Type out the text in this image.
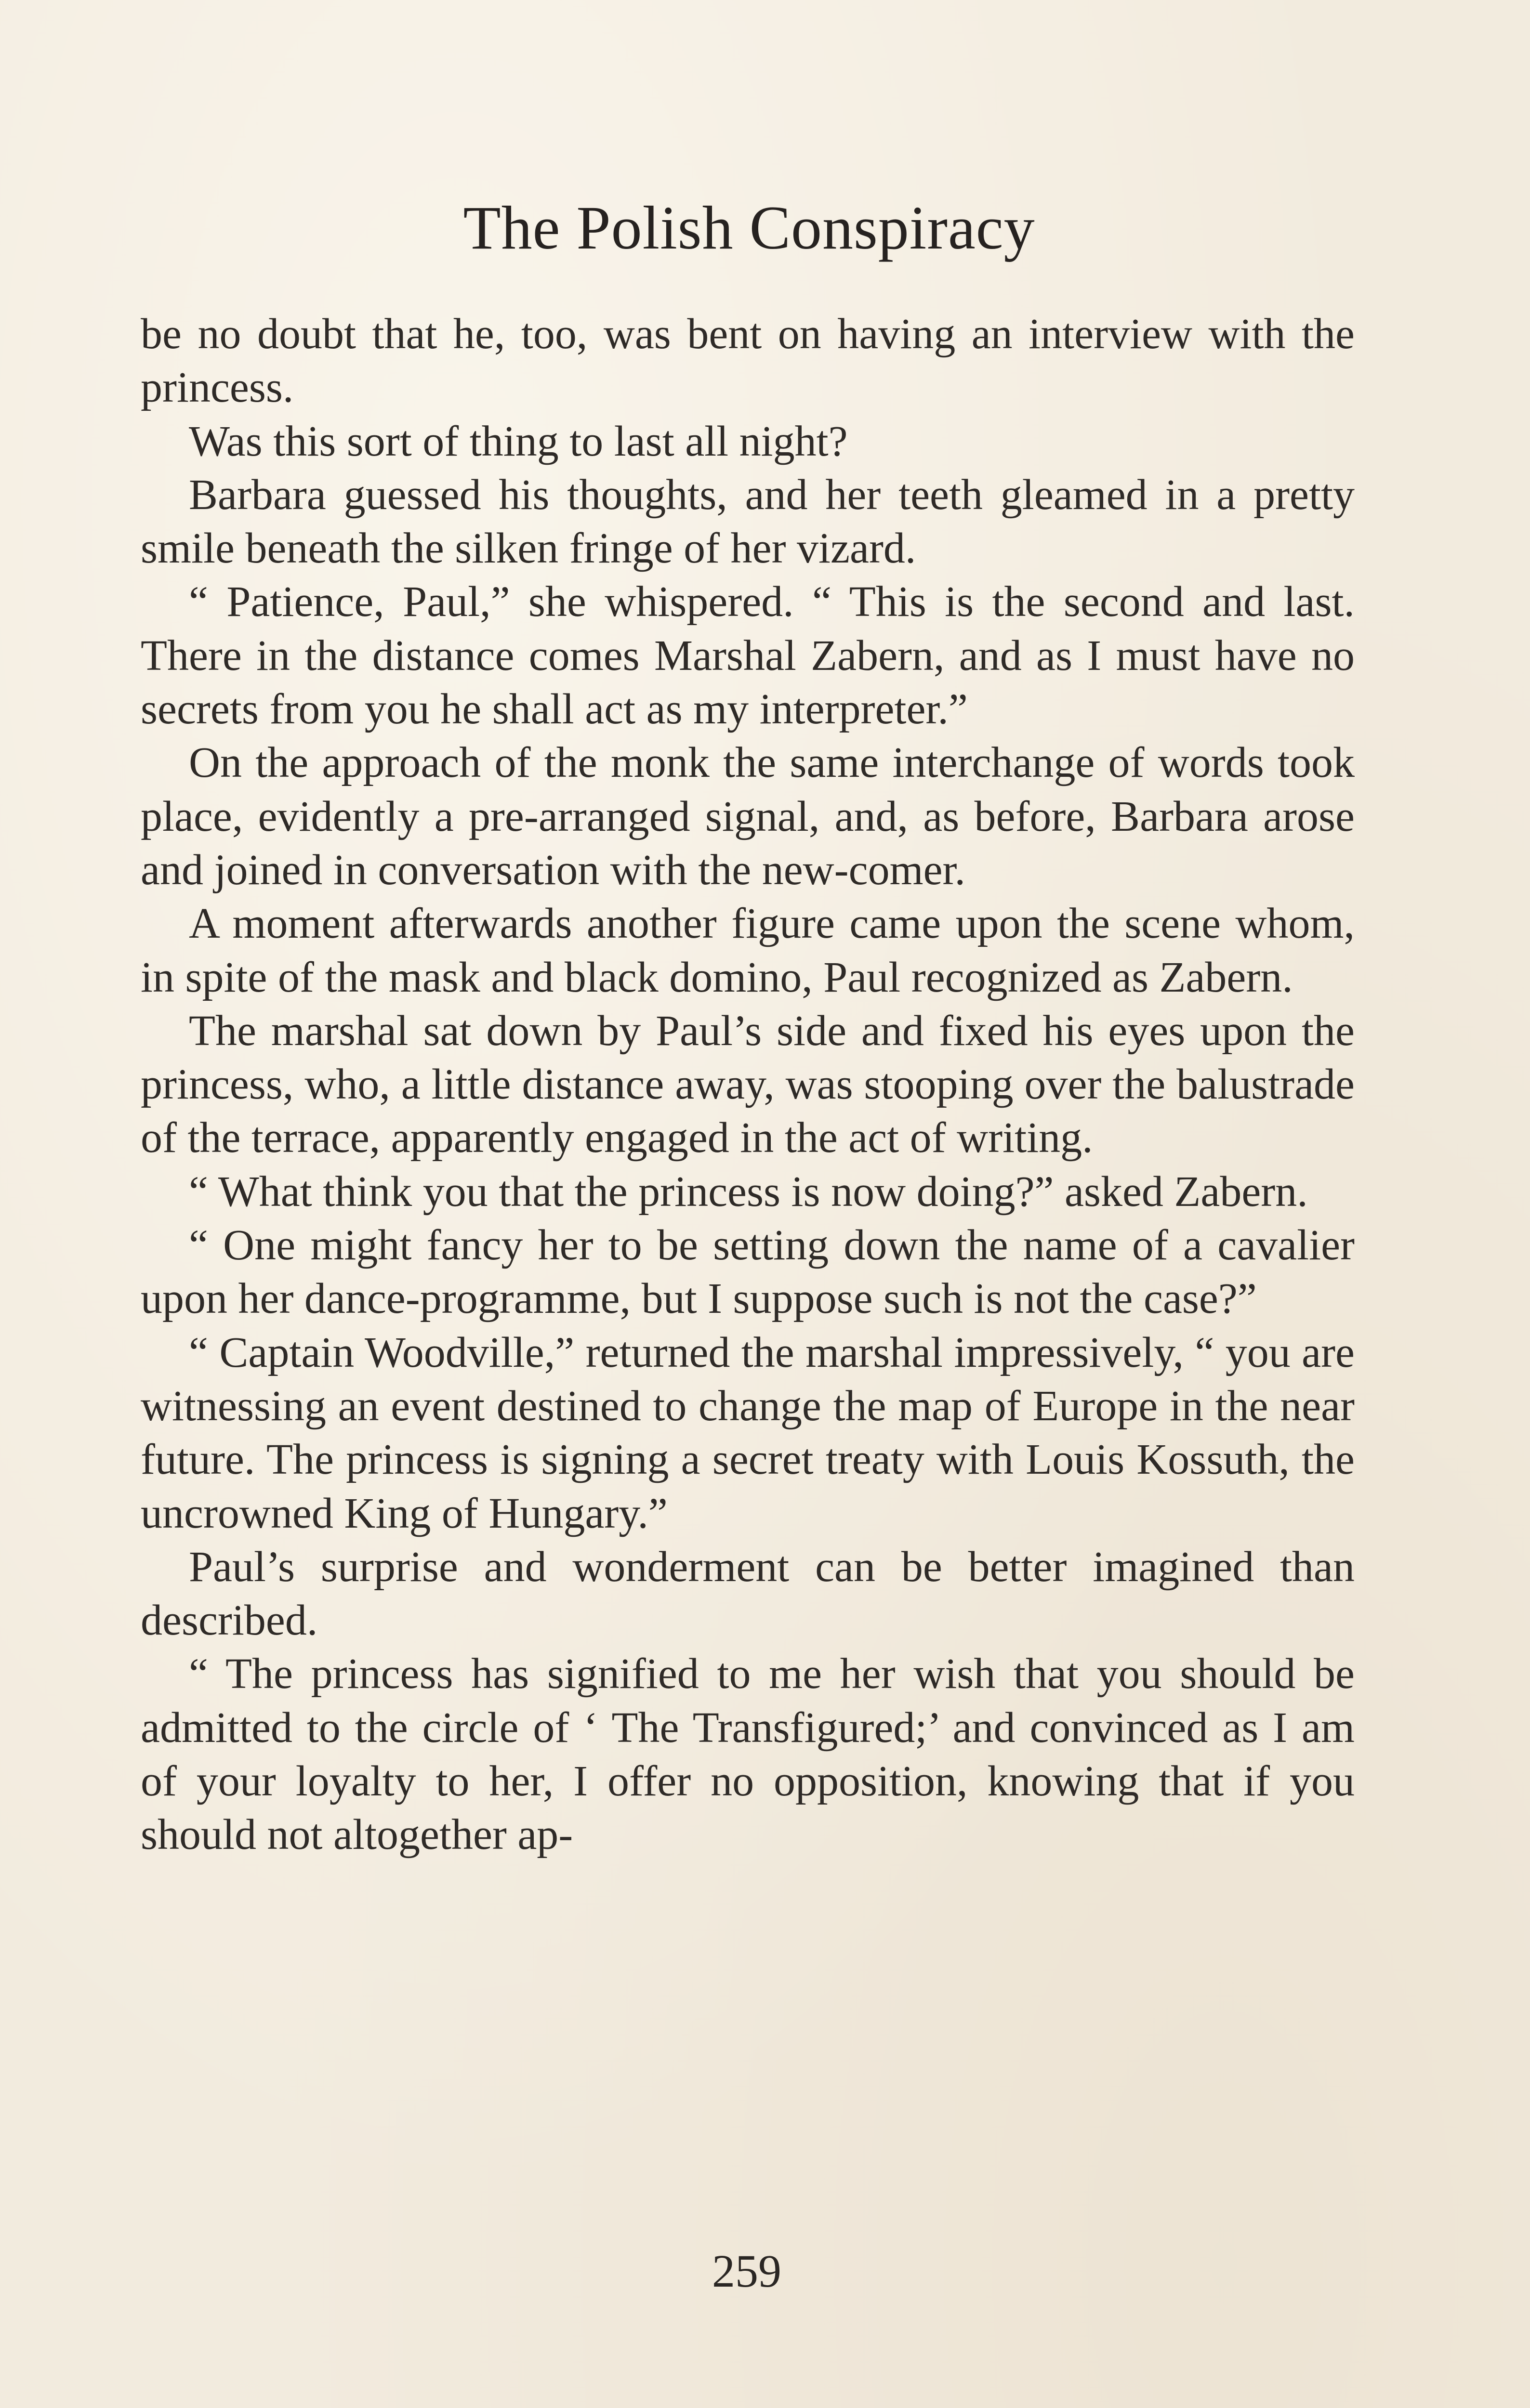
The Polish Conspiracy

be no doubt that he, too, was bent on having an interview with the princess.

Was this sort of thing to last all night?

Barbara guessed his thoughts, and her teeth gleamed in a pretty smile beneath the silken fringe of her vizard.

“ Patience, Paul,” she whispered. “ This is the second and last. There in the distance comes Marshal Zabern, and as I must have no secrets from you he shall act as my interpreter.”

On the approach of the monk the same interchange of words took place, evidently a pre-arranged signal, and, as before, Barbara arose and joined in conversation with the new-comer.

A moment afterwards another figure came upon the scene whom, in spite of the mask and black domino, Paul recognized as Zabern.

The marshal sat down by Paul’s side and fixed his eyes upon the princess, who, a little distance away, was stooping over the balustrade of the terrace, apparently engaged in the act of writing.

“ What think you that the princess is now doing?” asked Zabern.

“ One might fancy her to be setting down the name of a cavalier upon her dance-programme, but I suppose such is not the case?”

“ Captain Woodville,” returned the marshal impressively, “ you are witnessing an event destined to change the map of Europe in the near future. The princess is signing a secret treaty with Louis Kossuth, the uncrowned King of Hungary.”

Paul’s surprise and wonderment can be better imagined than described.

“ The princess has signified to me her wish that you should be admitted to the circle of ‘ The Transfigured;’ and convinced as I am of your loyalty to her, I offer no opposition, knowing that if you should not altogether ap-

259
